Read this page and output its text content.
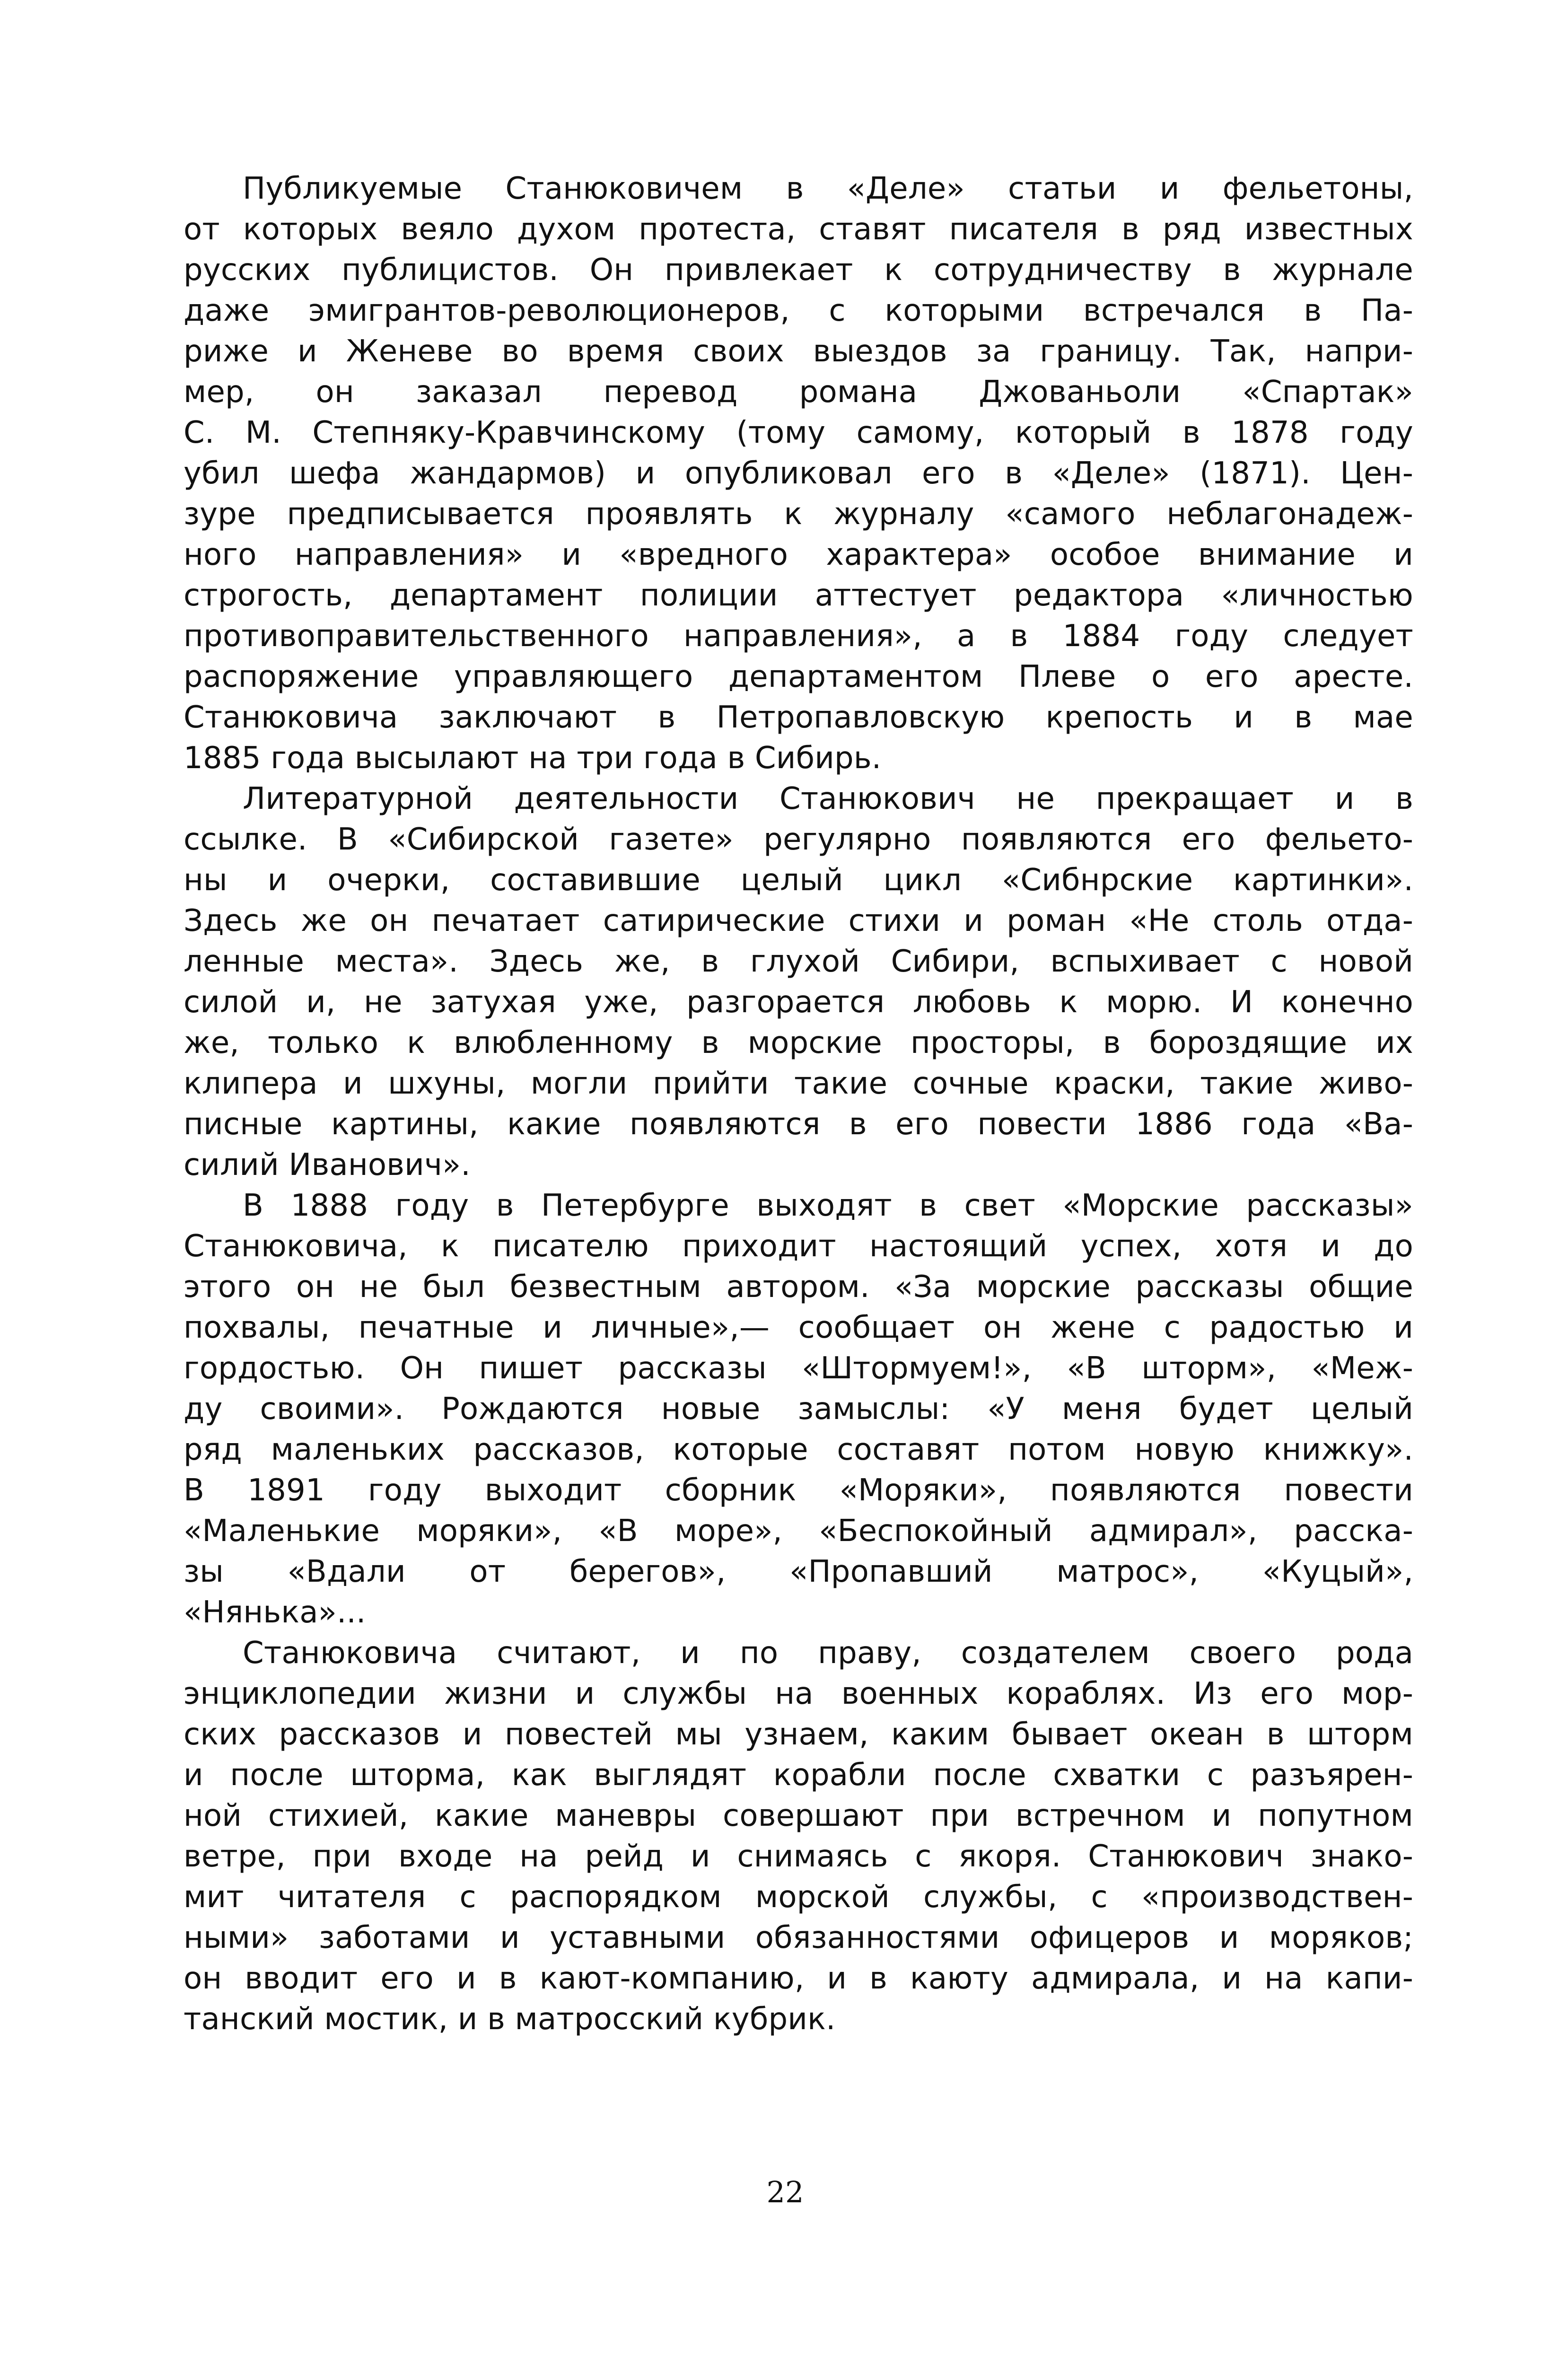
Публикуемые Станюковичем в «Деле» статьи и фельетоны,
от которых веяло духом протеста, ставят писателя в ряд известных
русских публицистов. Он привлекает к сотрудничеству в журнале
даже эмигрантов-революционеров, с которыми встречался в Па-
риже и Женеве во время своих выездов за границу. Так, напри-
мер, он заказал перевод романа Джованьоли «Спартак»
С. М. Степняку-Кравчинскому (тому самому, который в 1878 году
убил шефа жандармов) и опубликовал его в «Деле» (1871). Цен-
зуре предписывается проявлять к журналу «самого неблагонадеж-
ного направления» и «вредного характера» особое внимание и
строгость, департамент полиции аттестует редактора «личностью
противоправительственного направления», а в 1884 году следует
распоряжение управляющего департаментом Плеве о его аресте.
Станюковича заключают в Петропавловскую крепость и в мае
1885 года высылают на три года в Сибирь.
Литературной деятельности Станюкович не прекращает и в
ссылке. В «Сибирской газете» регулярно появляются его фельето-
ны и очерки, составившие целый цикл «Сибнрские картинки».
Здесь же он печатает сатирические стихи и роман «Не столь отда-
ленные места». Здесь же, в глухой Сибири, вспыхивает с новой
силой и, не затухая уже, разгорается любовь к морю. И конечно
же, только к влюбленному в морские просторы, в бороздящие их
клипера и шхуны, могли прийти такие сочные краски, такие живо-
писные картины, какие появляются в его повести 1886 года «Ва-
силий Иванович».
В 1888 году в Петербурге выходят в свет «Морские рассказы»
Станюковича, к писателю приходит настоящий успех, хотя и до
этого он не был безвестным автором. «За морские рассказы общие
похвалы, печатные и личные»,— сообщает он жене с радостью и
гордостью. Он пишет рассказы «Штормуем!», «В шторм», «Меж-
ду своими». Рождаются новые замыслы: «У меня будет целый
ряд маленьких рассказов, которые составят потом новую книжку».
В 1891 году выходит сборник «Моряки», появляются повести
«Маленькие моряки», «В море», «Беспокойный адмирал», расска-
зы «Вдали от берегов», «Пропавший матрос», «Куцый»,
«Нянька»...
Станюковича считают, и по праву, создателем своего рода
энциклопедии жизни и службы на военных кораблях. Из его мор-
ских рассказов и повестей мы узнаем, каким бывает океан в шторм
и после шторма, как выглядят корабли после схватки с разъярен-
ной стихией, какие маневры совершают при встречном и попутном
ветре, при входе на рейд и снимаясь с якоря. Станюкович знако-
мит читателя с распорядком морской службы, с «производствен-
ными» заботами и уставными обязанностями офицеров и моряков;
он вводит его и в кают-компанию, и в каюту адмирала, и на капи-
танский мостик, и в матросский кубрик.
22
